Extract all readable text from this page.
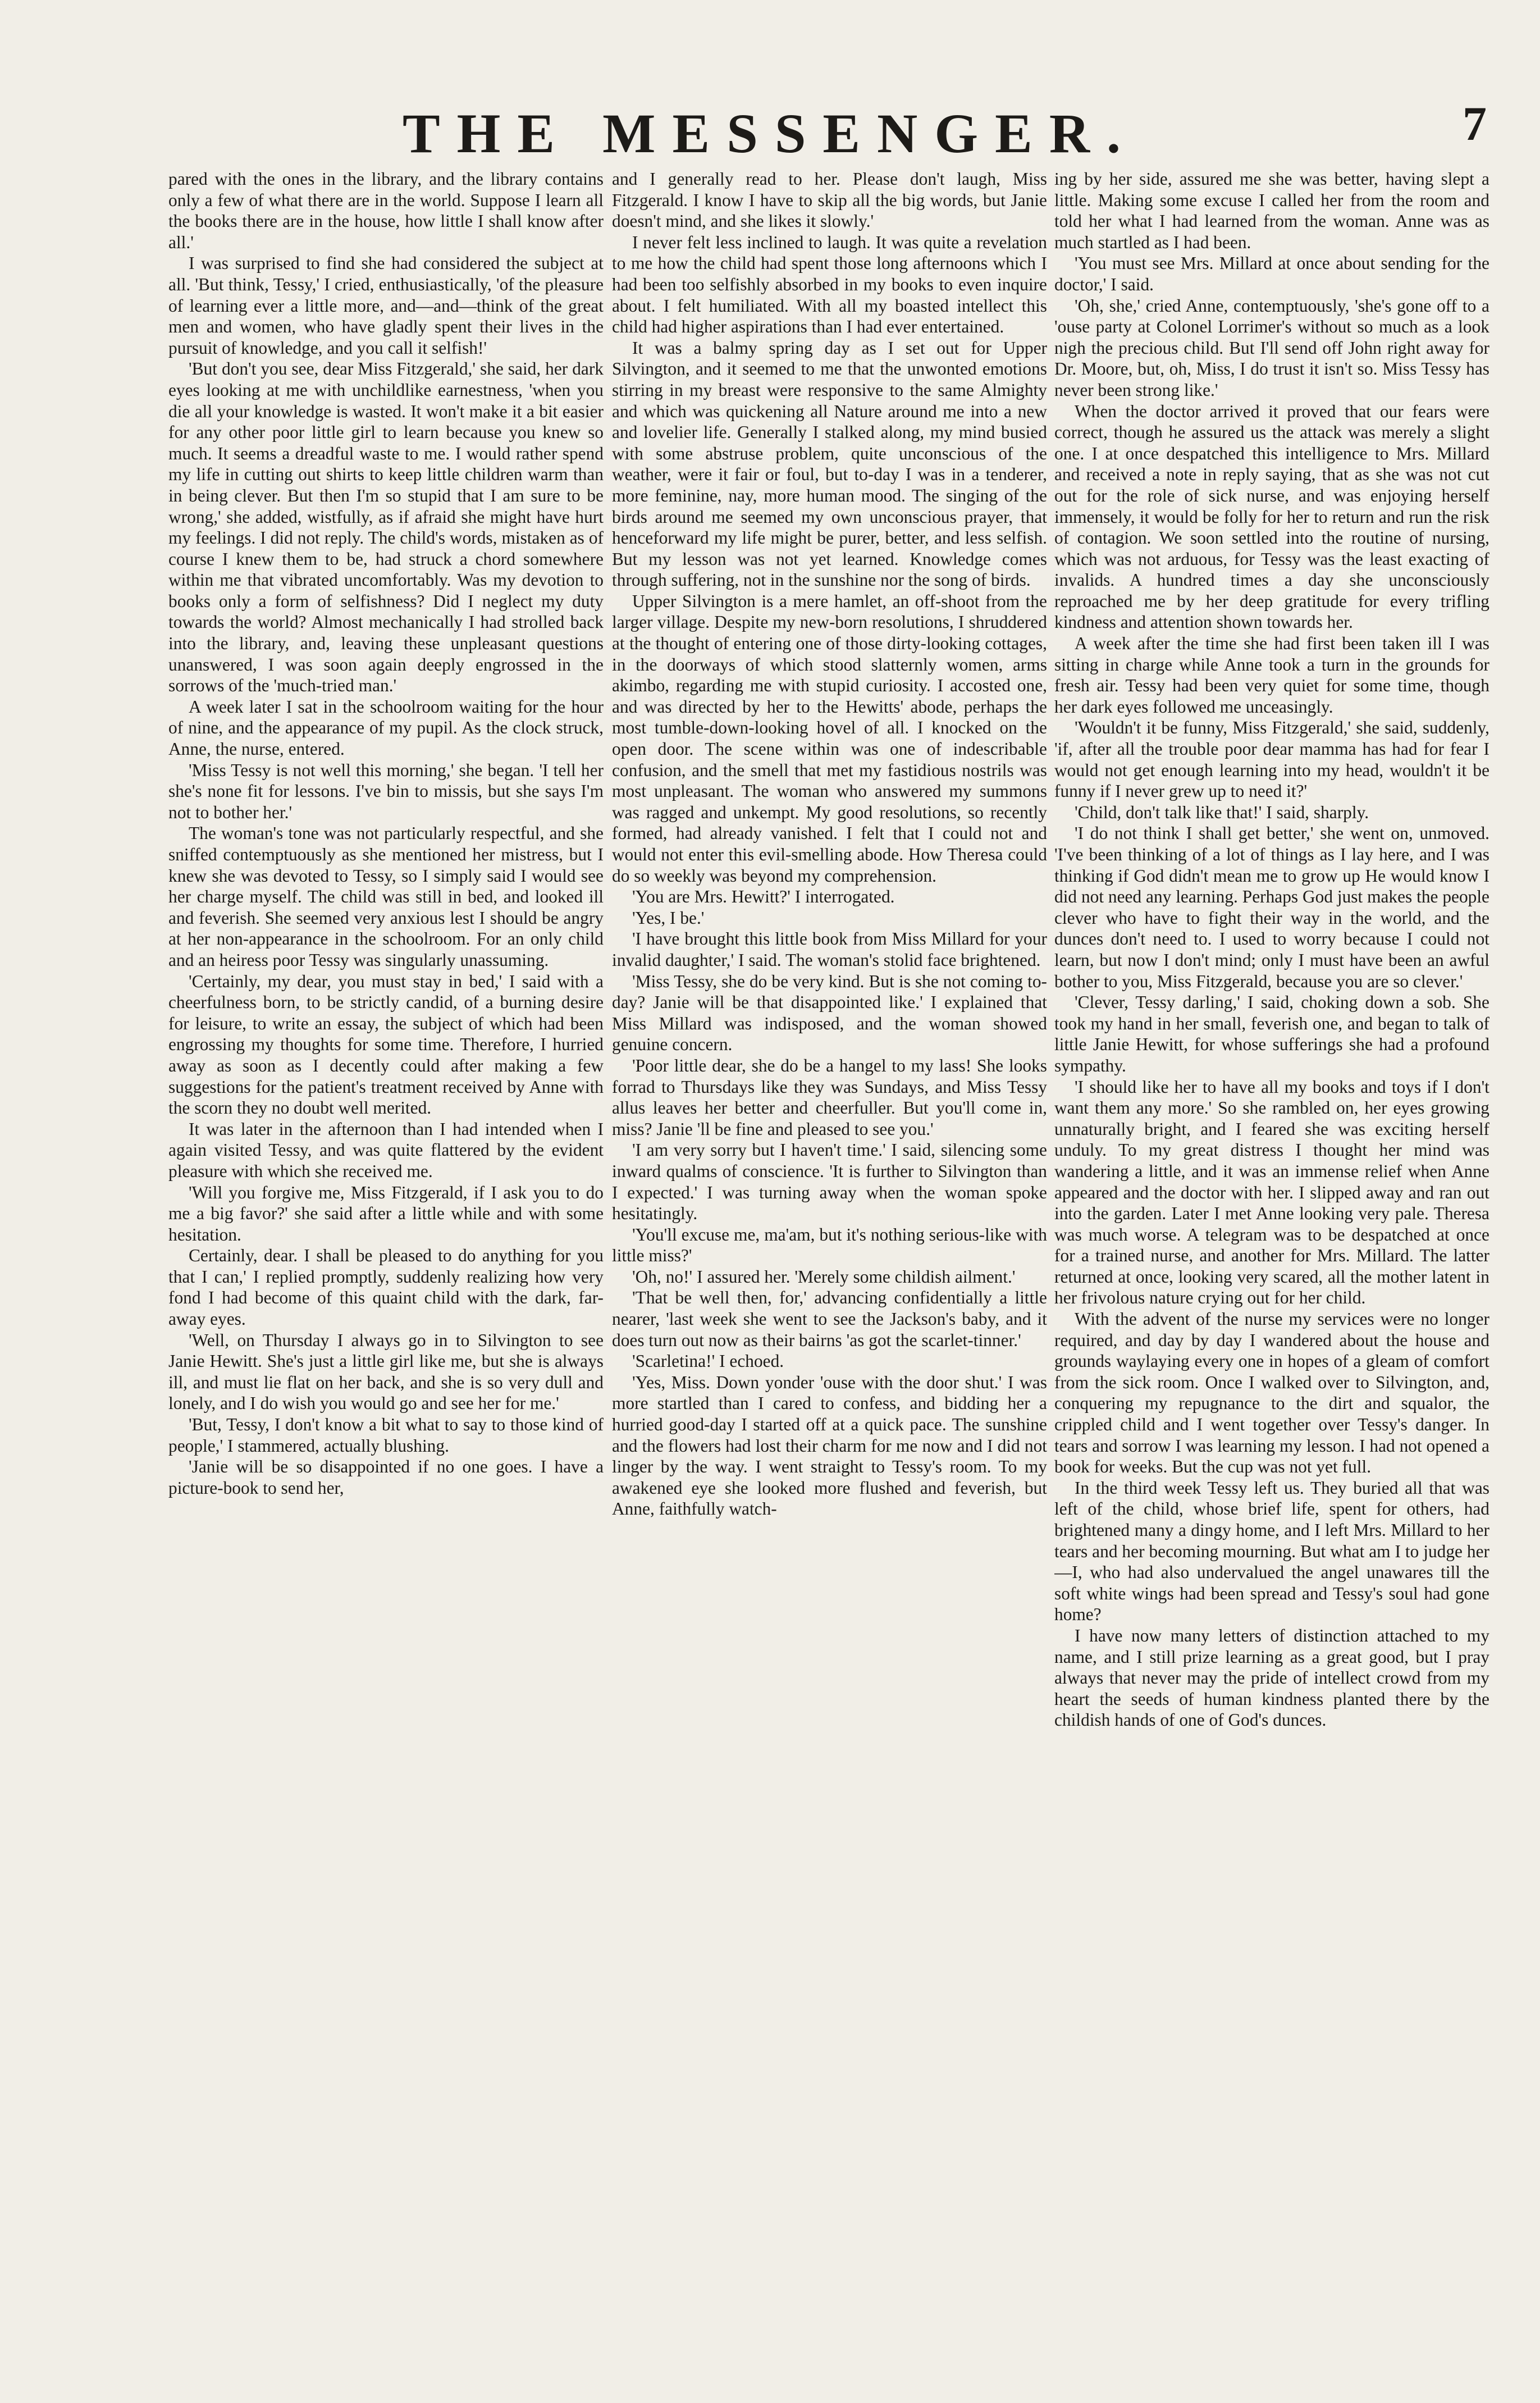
THE MESSENGER.	7

pared with the ones in the library, and the library contains only a few of what there are in the world. Suppose I learn all the books there are in the house, how little I shall know after all.'

I was surprised to find she had considered the subject at all. 'But think, Tessy,' I cried, enthusiastically, 'of the pleasure of learning ever a little more, and—and—think of the great men and women, who have gladly spent their lives in the pursuit of knowledge, and you call it selfish!'

'But don't you see, dear Miss Fitzgerald,' she said, her dark eyes looking at me with unchildlike earnestness, 'when you die all your knowledge is wasted. It won't make it a bit easier for any other poor little girl to learn because you knew so much. It seems a dreadful waste to me. I would rather spend my life in cutting out shirts to keep little children warm than in being clever. But then I'm so stupid that I am sure to be wrong,' she added, wistfully, as if afraid she might have hurt my feelings. I did not reply. The child's words, mistaken as of course I knew them to be, had struck a chord somewhere within me that vibrated uncomfortably. Was my devotion to books only a form of selfishness? Did I neglect my duty towards the world? Almost mechanically I had strolled back into the library, and, leaving these unpleasant questions unanswered, I was soon again deeply engrossed in the sorrows of the 'much-tried man.'

A week later I sat in the schoolroom waiting for the hour of nine, and the appearance of my pupil. As the clock struck, Anne, the nurse, entered.

'Miss Tessy is not well this morning,' she began. 'I tell her she's none fit for lessons. I've bin to missis, but she says I'm not to bother her.'

The woman's tone was not particularly respectful, and she sniffed contemptuously as she mentioned her mistress, but I knew she was devoted to Tessy, so I simply said I would see her charge myself. The child was still in bed, and looked ill and feverish. She seemed very anxious lest I should be angry at her non-appearance in the schoolroom. For an only child and an heiress poor Tessy was singularly unassuming.

'Certainly, my dear, you must stay in bed,' I said with a cheerfulness born, to be strictly candid, of a burning desire for leisure, to write an essay, the subject of which had been engrossing my thoughts for some time. Therefore, I hurried away as soon as I decently could after making a few suggestions for the patient's treatment received by Anne with the scorn they no doubt well merited.

It was later in the afternoon than I had intended when I again visited Tessy, and was quite flattered by the evident pleasure with which she received me.

'Will you forgive me, Miss Fitzgerald, if I ask you to do me a big favor?' she said after a little while and with some hesitation.

Certainly, dear. I shall be pleased to do anything for you that I can,' I replied promptly, suddenly realizing how very fond I had become of this quaint child with the dark, far-away eyes.

'Well, on Thursday I always go in to Silvington to see Janie Hewitt. She's just a little girl like me, but she is always ill, and must lie flat on her back, and she is so very dull and lonely, and I do wish you would go and see her for me.'

'But, Tessy, I don't know a bit what to say to those kind of people,' I stammered, actually blushing.

'Janie will be so disappointed if no one goes. I have a picture-book to send her,

and I generally read to her. Please don't laugh, Miss Fitzgerald. I know I have to skip all the big words, but Janie doesn't mind, and she likes it slowly.'

I never felt less inclined to laugh. It was quite a revelation to me how the child had spent those long afternoons which I had been too selfishly absorbed in my books to even inquire about. I felt humiliated. With all my boasted intellect this child had higher aspirations than I had ever entertained.

It was a balmy spring day as I set out for Upper Silvington, and it seemed to me that the unwonted emotions stirring in my breast were responsive to the same Almighty and which was quickening all Nature around me into a new and lovelier life. Generally I stalked along, my mind busied with some abstruse problem, quite unconscious of the weather, were it fair or foul, but to-day I was in a tenderer, more feminine, nay, more human mood. The singing of the birds around me seemed my own unconscious prayer, that henceforward my life might be purer, better, and less selfish. But my lesson was not yet learned. Knowledge comes through suffering, not in the sunshine nor the song of birds.

Upper Silvington is a mere hamlet, an off-shoot from the larger village. Despite my new-born resolutions, I shruddered at the thought of entering one of those dirty-looking cottages, in the doorways of which stood slatternly women, arms akimbo, regarding me with stupid curiosity. I accosted one, and was directed by her to the Hewitts' abode, perhaps the most tumble-down-looking hovel of all. I knocked on the open door. The scene within was one of indescribable confusion, and the smell that met my fastidious nostrils was most unpleasant. The woman who answered my summons was ragged and unkempt. My good resolutions, so recently formed, had already vanished. I felt that I could not and would not enter this evil-smelling abode. How Theresa could do so weekly was beyond my comprehension.

'You are Mrs. Hewitt?' I interrogated.

'Yes, I be.'

'I have brought this little book from Miss Millard for your invalid daughter,' I said. The woman's stolid face brightened.

'Miss Tessy, she do be very kind. But is she not coming to-day? Janie will be that disappointed like.' I explained that Miss Millard was indisposed, and the woman showed genuine concern.

'Poor little dear, she do be a hangel to my lass! She looks forrad to Thursdays like they was Sundays, and Miss Tessy allus leaves her better and cheerfuller. But you'll come in, miss? Janie 'll be fine and pleased to see you.'

'I am very sorry but I haven't time.' I said, silencing some inward qualms of conscience. 'It is further to Silvington than I expected.' I was turning away when the woman spoke hesitatingly.

'You'll excuse me, ma'am, but it's nothing serious-like with little miss?'

'Oh, no!' I assured her. 'Merely some childish ailment.'

'That be well then, for,' advancing confidentially a little nearer, 'last week she went to see the Jackson's baby, and it does turn out now as their bairns 'as got the scarlet-tinner.'

'Scarletina!' I echoed.

'Yes, Miss. Down yonder 'ouse with the door shut.' I was more startled than I cared to confess, and bidding her a hurried good-day I started off at a quick pace. The sunshine and the flowers had lost their charm for me now and I did not linger by the way. I went straight to Tessy's room. To my awakened eye she looked more flushed and feverish, but Anne, faithfully watch-

ing by her side, assured me she was better, having slept a little. Making some excuse I called her from the room and told her what I had learned from the woman. Anne was as much startled as I had been.

'You must see Mrs. Millard at once about sending for the doctor,' I said.

'Oh, she,' cried Anne, contemptuously, 'she's gone off to a 'ouse party at Colonel Lorrimer's without so much as a look nigh the precious child. But I'll send off John right away for Dr. Moore, but, oh, Miss, I do trust it isn't so. Miss Tessy has never been strong like.'

When the doctor arrived it proved that our fears were correct, though he assured us the attack was merely a slight one. I at once despatched this intelligence to Mrs. Millard and received a note in reply saying, that as she was not cut out for the role of sick nurse, and was enjoying herself immensely, it would be folly for her to return and run the risk of contagion. We soon settled into the routine of nursing, which was not arduous, for Tessy was the least exacting of invalids. A hundred times a day she unconsciously reproached me by her deep gratitude for every trifling kindness and attention shown towards her.

A week after the time she had first been taken ill I was sitting in charge while Anne took a turn in the grounds for fresh air. Tessy had been very quiet for some time, though her dark eyes followed me unceasingly.

'Wouldn't it be funny, Miss Fitzgerald,' she said, suddenly, 'if, after all the trouble poor dear mamma has had for fear I would not get enough learning into my head, wouldn't it be funny if I never grew up to need it?'

'Child, don't talk like that!' I said, sharply.

'I do not think I shall get better,' she went on, unmoved. 'I've been thinking of a lot of things as I lay here, and I was thinking if God didn't mean me to grow up He would know I did not need any learning. Perhaps God just makes the people clever who have to fight their way in the world, and the dunces don't need to. I used to worry because I could not learn, but now I don't mind; only I must have been an awful bother to you, Miss Fitzgerald, because you are so clever.'

'Clever, Tessy darling,' I said, choking down a sob. She took my hand in her small, feverish one, and began to talk of little Janie Hewitt, for whose sufferings she had a profound sympathy.

'I should like her to have all my books and toys if I don't want them any more.' So she rambled on, her eyes growing unnaturally bright, and I feared she was exciting herself unduly. To my great distress I thought her mind was wandering a little, and it was an immense relief when Anne appeared and the doctor with her. I slipped away and ran out into the garden. Later I met Anne looking very pale. Theresa was much worse. A telegram was to be despatched at once for a trained nurse, and another for Mrs. Millard. The latter returned at once, looking very scared, all the mother latent in her frivolous nature crying out for her child.

With the advent of the nurse my services were no longer required, and day by day I wandered about the house and grounds waylaying every one in hopes of a gleam of comfort from the sick room. Once I walked over to Silvington, and, conquering my repugnance to the dirt and squalor, the crippled child and I went together over Tessy's danger. In tears and sorrow I was learning my lesson. I had not opened a book for weeks. But the cup was not yet full.

In the third week Tessy left us. They buried all that was left of the child, whose brief life, spent for others, had brightened many a dingy home, and I left Mrs. Millard to her tears and her becoming mourning. But what am I to judge her—I, who had also undervalued the angel unawares till the soft white wings had been spread and Tessy's soul had gone home?

I have now many letters of distinction attached to my name, and I still prize learning as a great good, but I pray always that never may the pride of intellect crowd from my heart the seeds of human kindness planted there by the childish hands of one of God's dunces.
